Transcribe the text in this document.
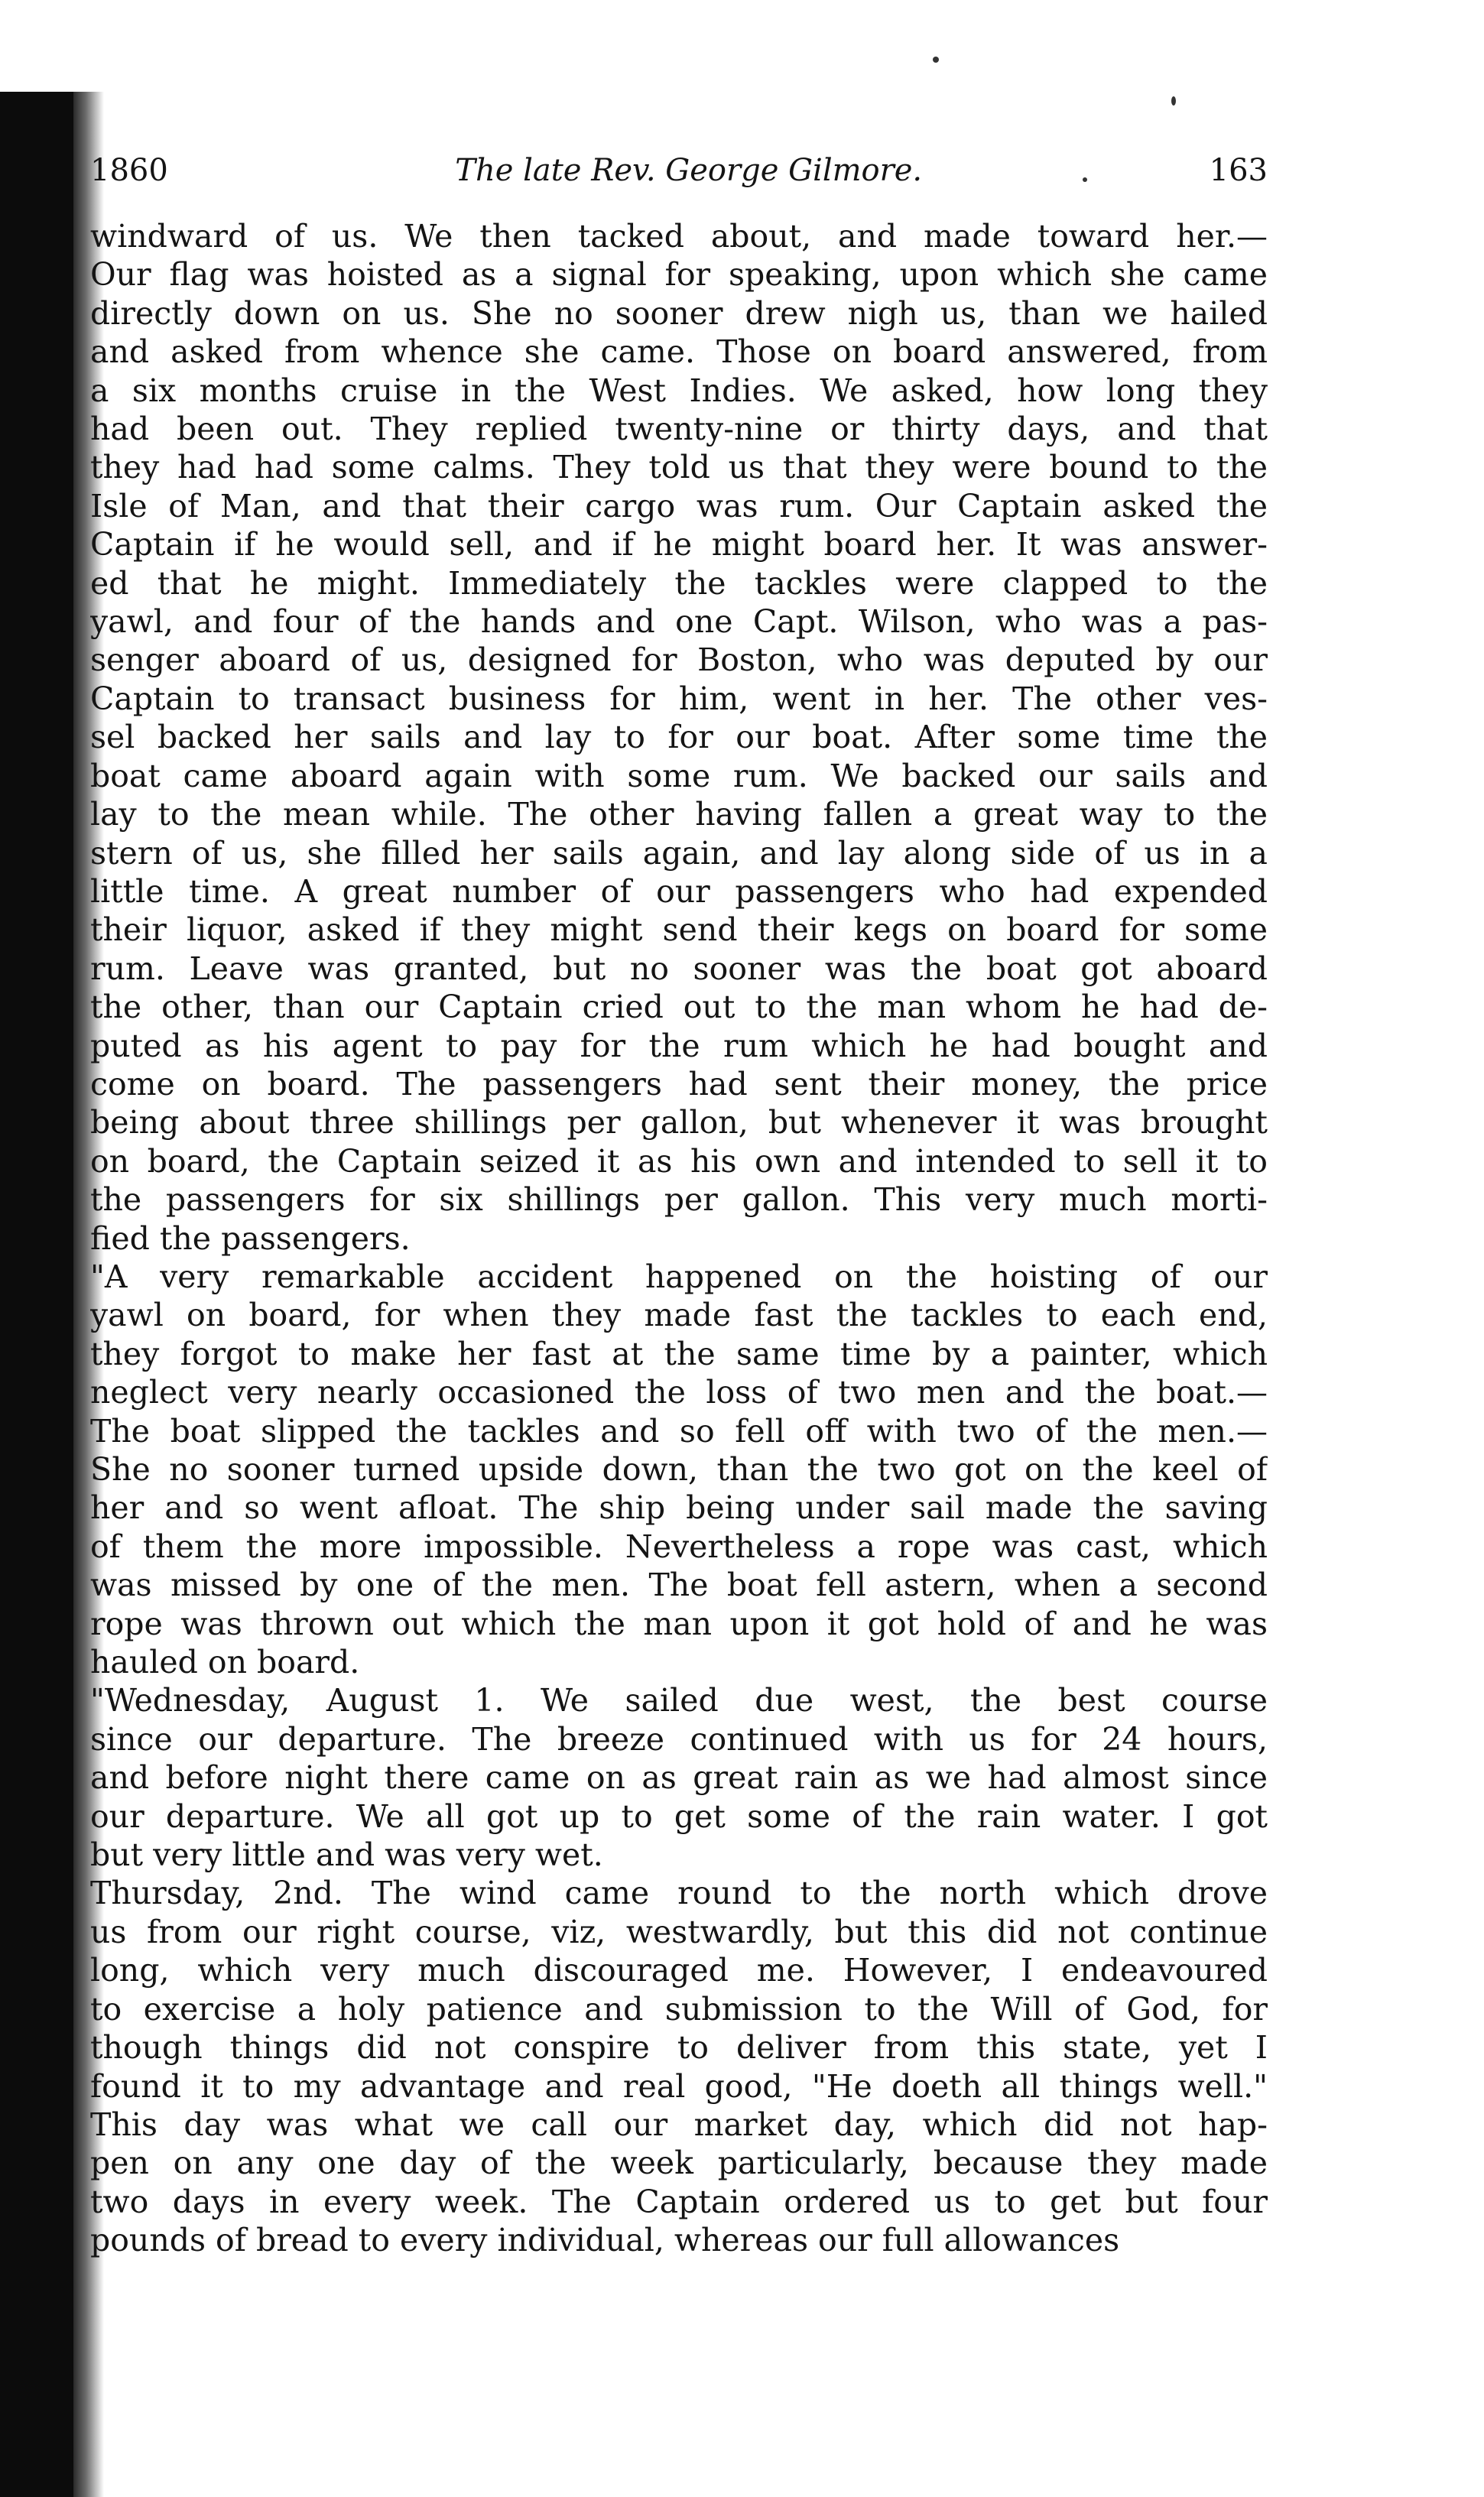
1860	The late Rev. George Gilmore.	163

windward of us. We then tacked about, and made toward her.—

Our flag was hoisted as a signal for speaking, upon which she came

directly down on us. She no sooner drew nigh us, than we hailed

and asked from whence she came. Those on board answered, from

a six months cruise in the West Indies. We asked, how long they

had been out. They replied twenty-nine or thirty days, and that

they had had some calms. They told us that they were bound to the

Isle of Man, and that their cargo was rum. Our Captain asked the

Captain if he would sell, and if he might board her. It was answer-

ed that he might. Immediately the tackles were clapped to the

yawl, and four of the hands and one Capt. Wilson, who was a pas-

senger aboard of us, designed for Boston, who was deputed by our

Captain to transact business for him, went in her. The other ves-

sel backed her sails and lay to for our boat. After some time the

boat came aboard again with some rum. We backed our sails and

lay to the mean while. The other having fallen a great way to the

stern of us, she filled her sails again, and lay along side of us in a

little time. A great number of our passengers who had expended

their liquor, asked if they might send their kegs on board for some

rum. Leave was granted, but no sooner was the boat got aboard

the other, than our Captain cried out to the man whom he had de-

puted as his agent to pay for the rum which he had bought and

come on board. The passengers had sent their money, the price

being about three shillings per gallon, but whenever it was brought

on board, the Captain seized it as his own and intended to sell it to

the passengers for six shillings per gallon. This very much morti-

fied the passengers.

"A very remarkable accident happened on the hoisting of our

yawl on board, for when they made fast the tackles to each end,

they forgot to make her fast at the same time by a painter, which

neglect very nearly occasioned the loss of two men and the boat.—

The boat slipped the tackles and so fell off with two of the men.—

She no sooner turned upside down, than the two got on the keel of

her and so went afloat. The ship being under sail made the saving

of them the more impossible. Nevertheless a rope was cast, which

was missed by one of the men. The boat fell astern, when a second

rope was thrown out which the man upon it got hold of and he was

hauled on board.

"Wednesday, August 1. We sailed due west, the best course

since our departure. The breeze continued with us for 24 hours,

and before night there came on as great rain as we had almost since

our departure. We all got up to get some of the rain water. I got

but very little and was very wet.

Thursday, 2nd. The wind came round to the north which drove

us from our right course, viz, westwardly, but this did not continue

long, which very much discouraged me. However, I endeavoured

to exercise a holy patience and submission to the Will of God, for

though things did not conspire to deliver from this state, yet I

found it to my advantage and real good, "He doeth all things well."

This day was what we call our market day, which did not hap-

pen on any one day of the week particularly, because they made

two days in every week. The Captain ordered us to get but four

pounds of bread to every individual, whereas our full allowances
